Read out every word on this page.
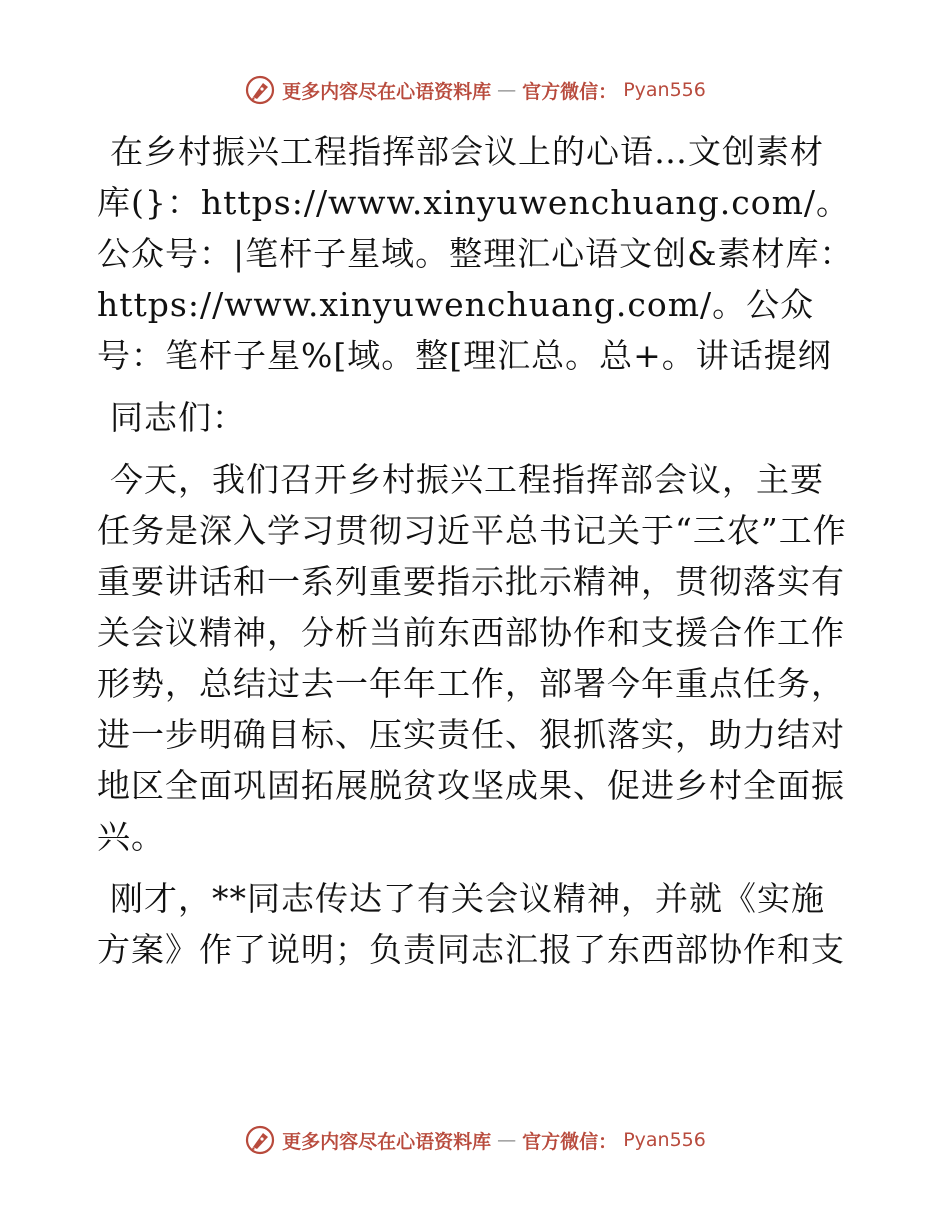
更多内容尽在心语资料库 — 官方微信： Pyan556

在乡村振兴工程指挥部会议上的心语…文创素材库(}：https://www.xinyuwenchuang.com/。公众号：|笔杆子星域。整理汇心语文创&素材库：https://www.xinyuwenchuang.com/。公众号：笔杆子星%[域。整[理汇总。总+。讲话提纲

同志们：

今天，我们召开乡村振兴工程指挥部会议，主要任务是深入学习贯彻习近平总书记关于“三农”工作重要讲话和一系列重要指示批示精神，贯彻落实有关会议精神，分析当前东西部协作和支援合作工作形势，总结过去一年年工作，部署今年重点任务，进一步明确目标、压实责任、狠抓落实，助力结对地区全面巩固拓展脱贫攻坚成果、促进乡村全面振兴。

刚才，**同志传达了有关会议精神，并就《实施方案》作了说明；负责同志汇报了东西部协作和支

更多内容尽在心语资料库 — 官方微信： Pyan556
